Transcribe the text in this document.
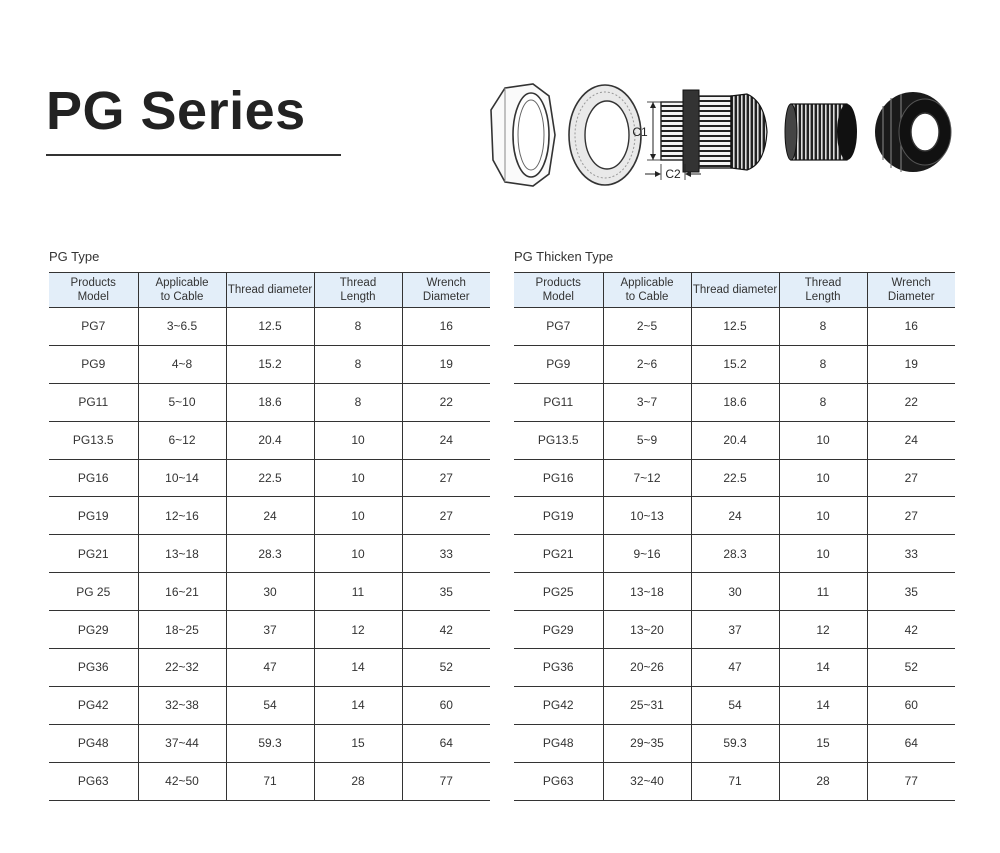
PG Series	C1
C2
PG Type
Products Model	Applicable to Cable	Thread diameter	Thread Length	Wrench Diameter
PG7	3~6.5	12.5	8	16
PG9	4~8	15.2	8	19
PG11	5~10	18.6	8	22
PG13.5	6~12	20.4	10	24
PG16	10~14	22.5	10	27
PG19	12~16	24	10	27
PG21	13~18	28.3	10	33
PG 25	16~21	30	11	35
PG29	18~25	37	12	42
PG36	22~32	47	14	52
PG42	32~38	54	14	60
PG48	37~44	59.3	15	64
PG63	42~50	71	28	77
PG Thicken Type
Products Model	Applicable to Cable	Thread diameter	Thread Length	Wrench Diameter
PG7	2~5	12.5	8	16
PG9	2~6	15.2	8	19
PG11	3~7	18.6	8	22
PG13.5	5~9	20.4	10	24
PG16	7~12	22.5	10	27
PG19	10~13	24	10	27
PG21	9~16	28.3	10	33
PG25	13~18	30	11	35
PG29	13~20	37	12	42
PG36	20~26	47	14	52
PG42	25~31	54	14	60
PG48	29~35	59.3	15	64
PG63	32~40	71	28	77
